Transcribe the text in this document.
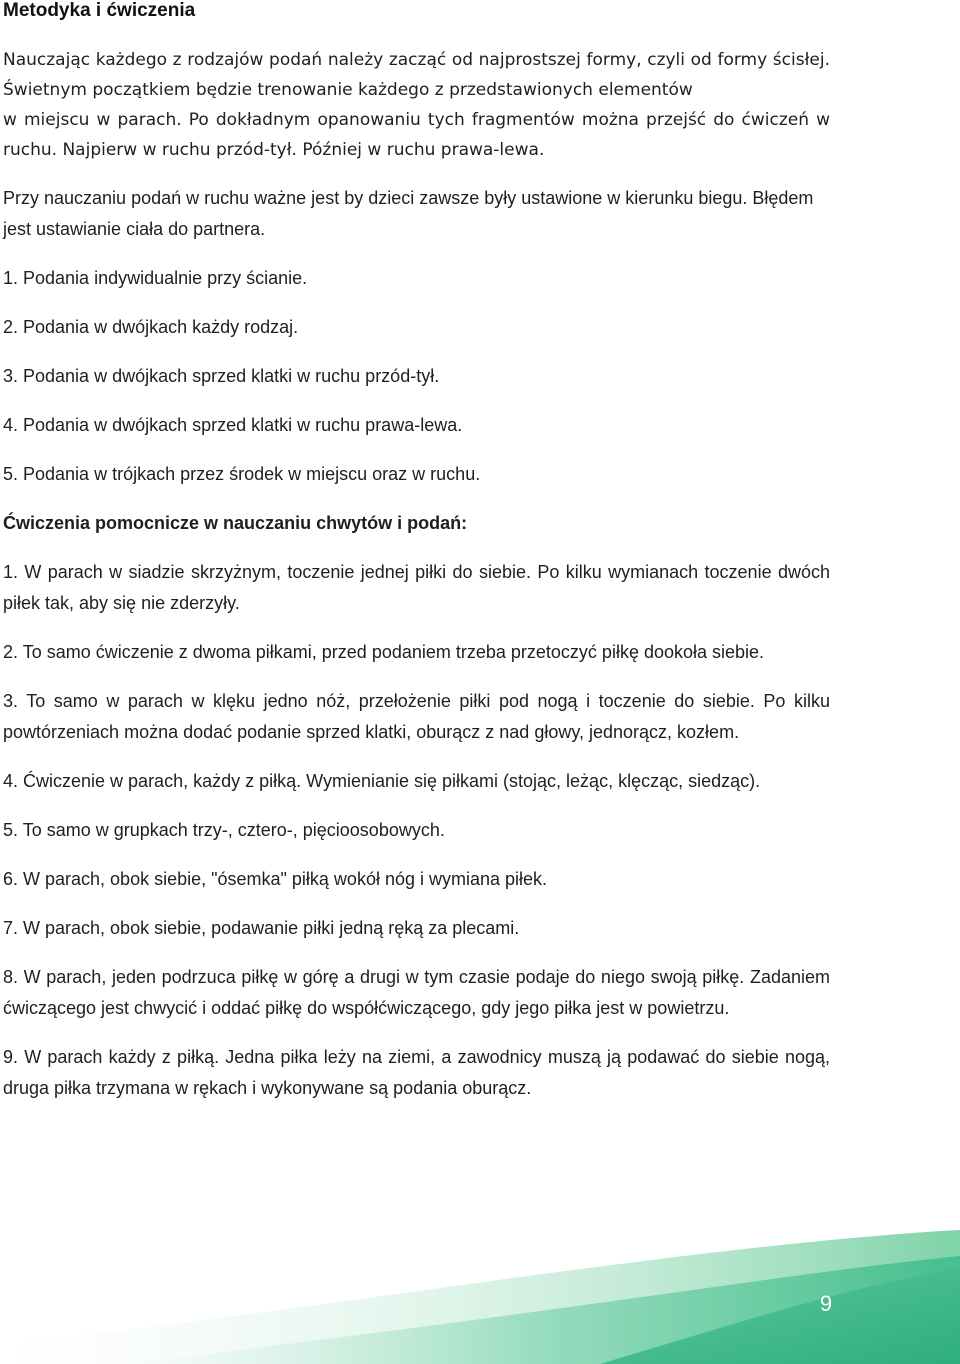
Metodyka i ćwiczenia

Nauczając każdego z rodzajów podań należy zacząć od najprostszej formy, czyli od formy ścisłej. Świetnym początkiem będzie trenowanie każdego z przedstawionych elementów

w miejscu w parach. Po dokładnym opanowaniu tych fragmentów można przejść do ćwiczeń w ruchu. Najpierw w ruchu przód-tył. Później w ruchu prawa-lewa.

Przy nauczaniu podań w ruchu ważne jest by dzieci zawsze były ustawione w kierunku biegu. Błędem jest ustawianie ciała do partnera.

1. Podania indywidualnie przy ścianie.

2. Podania w dwójkach każdy rodzaj.

3. Podania w dwójkach sprzed klatki w ruchu przód-tył.

4. Podania w dwójkach sprzed klatki w ruchu prawa-lewa.

5. Podania w trójkach przez środek w miejscu oraz w ruchu.

Ćwiczenia pomocnicze w nauczaniu chwytów i podań:

1. W parach w siadzie skrzyżnym, toczenie jednej piłki do siebie. Po kilku wymianach toczenie dwóch piłek tak, aby się nie zderzyły.

2. To samo ćwiczenie z dwoma piłkami, przed podaniem trzeba przetoczyć piłkę dookoła siebie.

3. To samo w parach w klęku jedno nóż, przełożenie piłki pod nogą i toczenie do siebie. Po kilku powtórzeniach można dodać podanie sprzed klatki, oburącz z nad głowy, jednorącz, kozłem.

4. Ćwiczenie w parach, każdy z piłką. Wymienianie się piłkami (stojąc, leżąc, klęcząc, siedząc).

5. To samo w grupkach trzy-, cztero-, pięcioosobowych.

6. W parach, obok siebie, "ósemka" piłką wokół nóg i wymiana piłek.

7. W parach, obok siebie, podawanie piłki jedną ręką za plecami.

8. W parach, jeden podrzuca piłkę w górę a drugi w tym czasie podaje do niego swoją piłkę. Zadaniem ćwiczącego jest chwycić i oddać piłkę do współćwiczącego, gdy jego piłka jest w powietrzu.

9. W parach każdy z piłką. Jedna piłka leży na ziemi, a zawodnicy muszą ją podawać do siebie nogą, druga piłka trzymana w rękach i wykonywane są podania oburącz.

9
